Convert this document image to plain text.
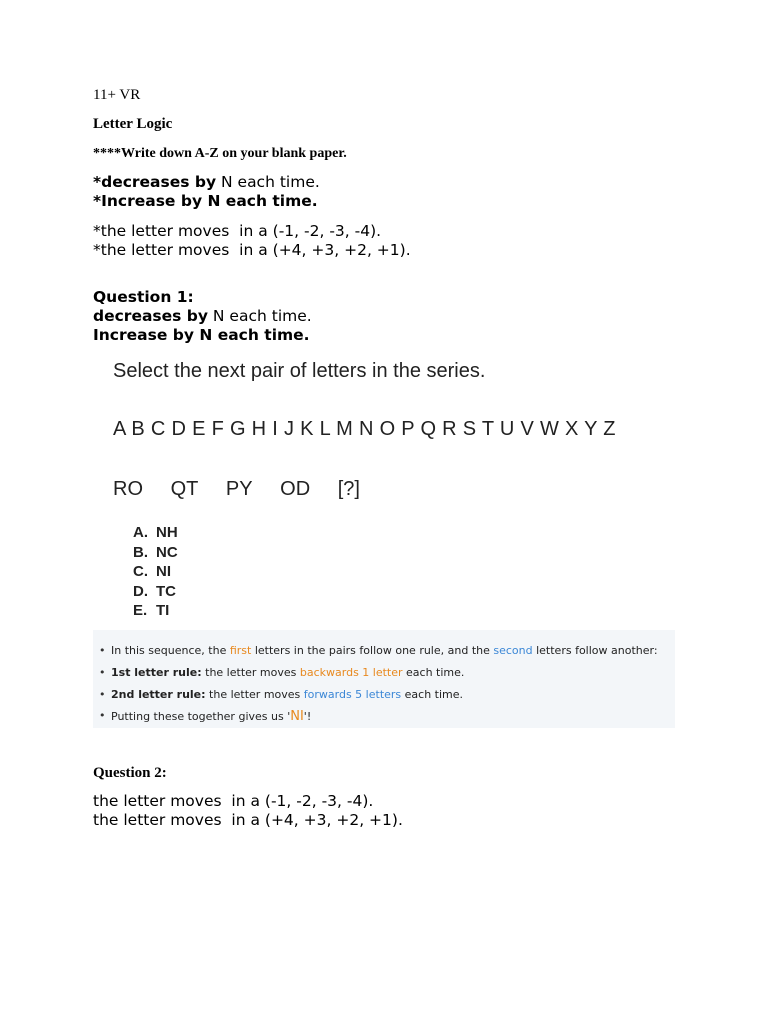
11+ VR
Letter Logic
****Write down A-Z on your blank paper.
*decreases by N each time.
*Increase by N each time.
*the letter moves  in a (-1, -2, -3, -4).
*the letter moves  in a (+4, +3, +2, +1).
Question 1:
decreases by N each time.
Increase by N each time.
Select the next pair of letters in the series.
A B C D E F G H I J K L M N O P Q R S T U V W X Y Z
RO QT PY OD [?]
A. NH
B. NC
C. NI
D. TC
E. TI
• In this sequence, the first letters in the pairs follow one rule, and the second letters follow another:
• 1st letter rule: the letter moves backwards 1 letter each time.
• 2nd letter rule: the letter moves forwards 5 letters each time.
• Putting these together gives us 'NI'!
Question 2:
the letter moves  in a (-1, -2, -3, -4).
the letter moves  in a (+4, +3, +2, +1).
